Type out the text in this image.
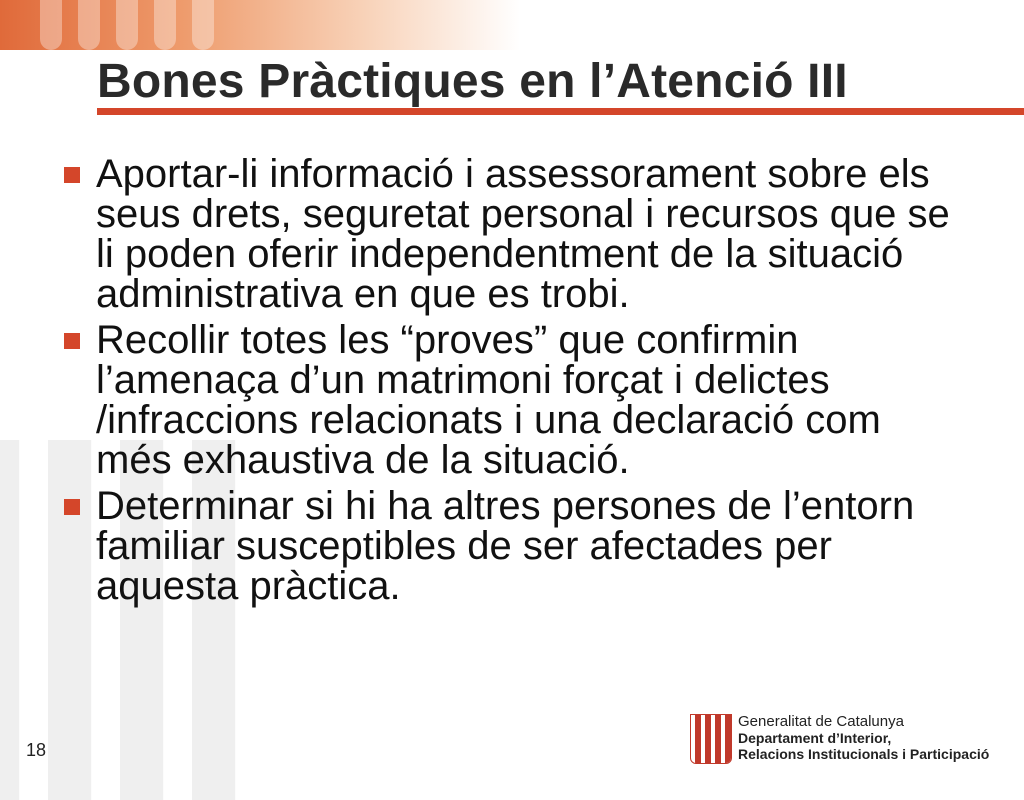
Bones Pràctiques en l’Atenció III
Aportar-li informació i assessorament sobre els seus drets, seguretat personal i recursos que se li poden oferir independentment de la situació administrativa en que es trobi.
Recollir totes les “proves” que confirmin l’amenaça d’un matrimoni forçat i delictes /infraccions relacionats i una declaració com més exhaustiva de la situació.
Determinar si hi ha altres persones de l’entorn familiar susceptibles de ser afectades per aquesta pràctica.
18
Generalitat de Catalunya
Departament d’Interior,
Relacions Institucionals i Participació
